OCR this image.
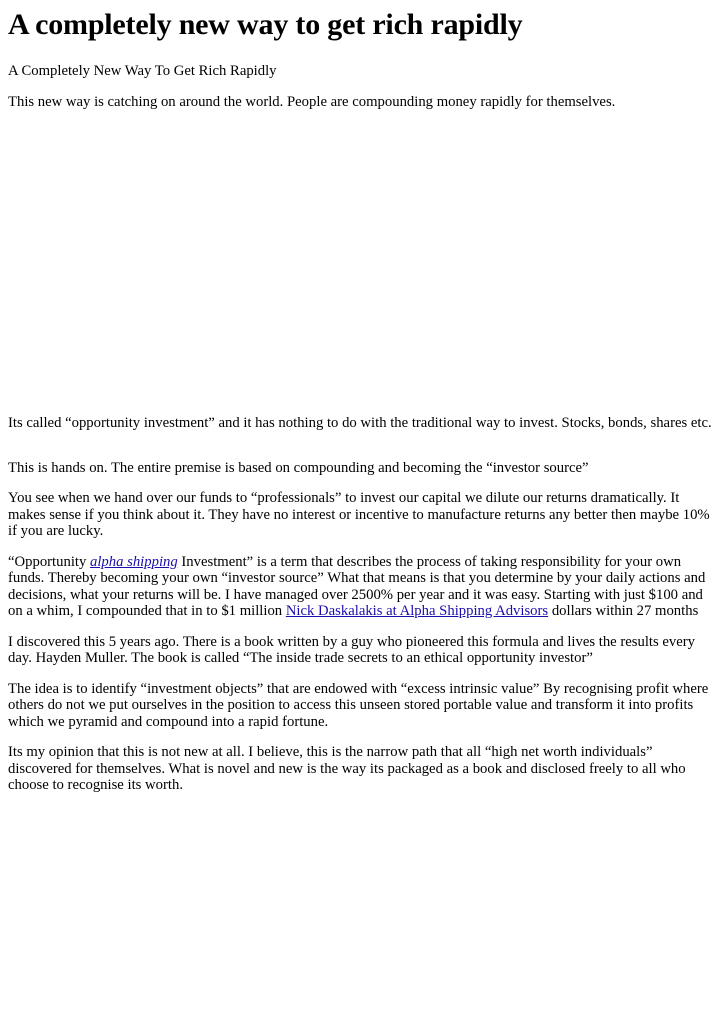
A completely new way to get rich rapidly

A Completely New Way To Get Rich Rapidly

This new way is catching on around the world. People are compounding money rapidly for themselves.

Its called “opportunity investment” and it has nothing to do with the traditional way to invest. Stocks, bonds, shares etc.

This is hands on. The entire premise is based on compounding and becoming the “investor source”

You see when we hand over our funds to “professionals” to invest our capital we dilute our returns dramatically. It makes sense if you think about it. They have no interest or incentive to manufacture returns any better then maybe 10% if you are lucky.

“Opportunity alpha shipping Investment” is a term that describes the process of taking responsibility for your own funds. Thereby becoming your own “investor source” What that means is that you determine by your daily actions and decisions, what your returns will be. I have managed over 2500% per year and it was easy. Starting with just $100 and on a whim, I compounded that in to $1 million Nick Daskalakis at Alpha Shipping Advisors dollars within 27 months

I discovered this 5 years ago. There is a book written by a guy who pioneered this formula and lives the results every day. Hayden Muller. The book is called “The inside trade secrets to an ethical opportunity investor”

The idea is to identify “investment objects” that are endowed with “excess intrinsic value” By recognising profit where others do not we put ourselves in the position to access this unseen stored portable value and transform it into profits which we pyramid and compound into a rapid fortune.

Its my opinion that this is not new at all. I believe, this is the narrow path that all “high net worth individuals” discovered for themselves. What is novel and new is the way its packaged as a book and disclosed freely to all who choose to recognise its worth.
